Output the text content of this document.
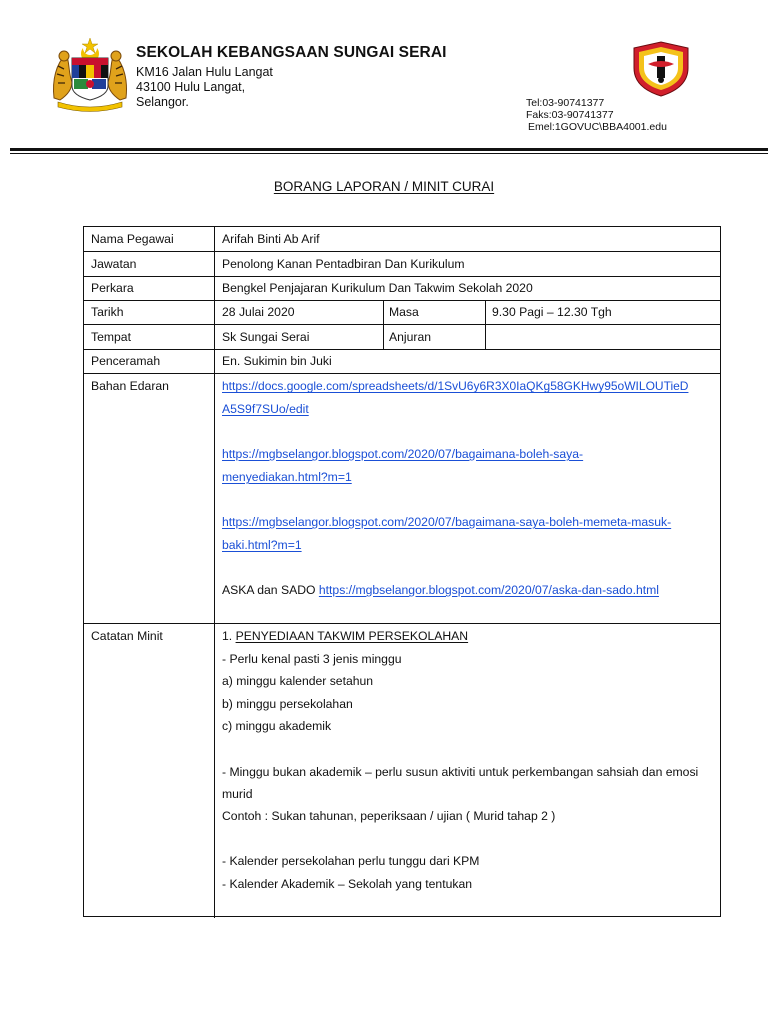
SEKOLAH KEBANGSAAN SUNGAI SERAI
KM16 Jalan Hulu Langat
43100 Hulu Langat,
Selangor.	Tel:03-90741377
Faks:03-90741377
Emel:1GOVUC\BBA4001.edu
BORANG LAPORAN / MINIT CURAI
Nama Pegawai	Arifah Binti Ab Arif
Jawatan	Penolong Kanan Pentadbiran Dan Kurikulum
Perkara	Bengkel Penjajaran Kurikulum Dan Takwim Sekolah 2020
Tarikh	28 Julai 2020	Masa	9.30 Pagi – 12.30 Tgh
Tempat	Sk Sungai Serai	Anjuran
Penceramah	En. Sukimin bin Juki
Bahan Edaran	https://docs.google.com/spreadsheets/d/1SvU6y6R3X0IaQKg58GKHwy95oWILOUTieD
A5S9f7SUo/edit
https://mgbselangor.blogspot.com/2020/07/bagaimana-boleh-saya-
menyediakan.html?m=1
https://mgbselangor.blogspot.com/2020/07/bagaimana-saya-boleh-memeta-masuk-
baki.html?m=1
ASKA dan SADO https://mgbselangor.blogspot.com/2020/07/aska-dan-sado.html
Catatan Minit	1. PENYEDIAAN TAKWIM PERSEKOLAHAN
- Perlu kenal pasti 3 jenis minggu
a) minggu kalender setahun
b) minggu persekolahan
c) minggu akademik
- Minggu bukan akademik – perlu susun aktiviti untuk perkembangan sahsiah dan emosi
murid
Contoh : Sukan tahunan, peperiksaan / ujian ( Murid tahap 2 )
- Kalender persekolahan perlu tunggu dari KPM
- Kalender Akademik – Sekolah yang tentukan
